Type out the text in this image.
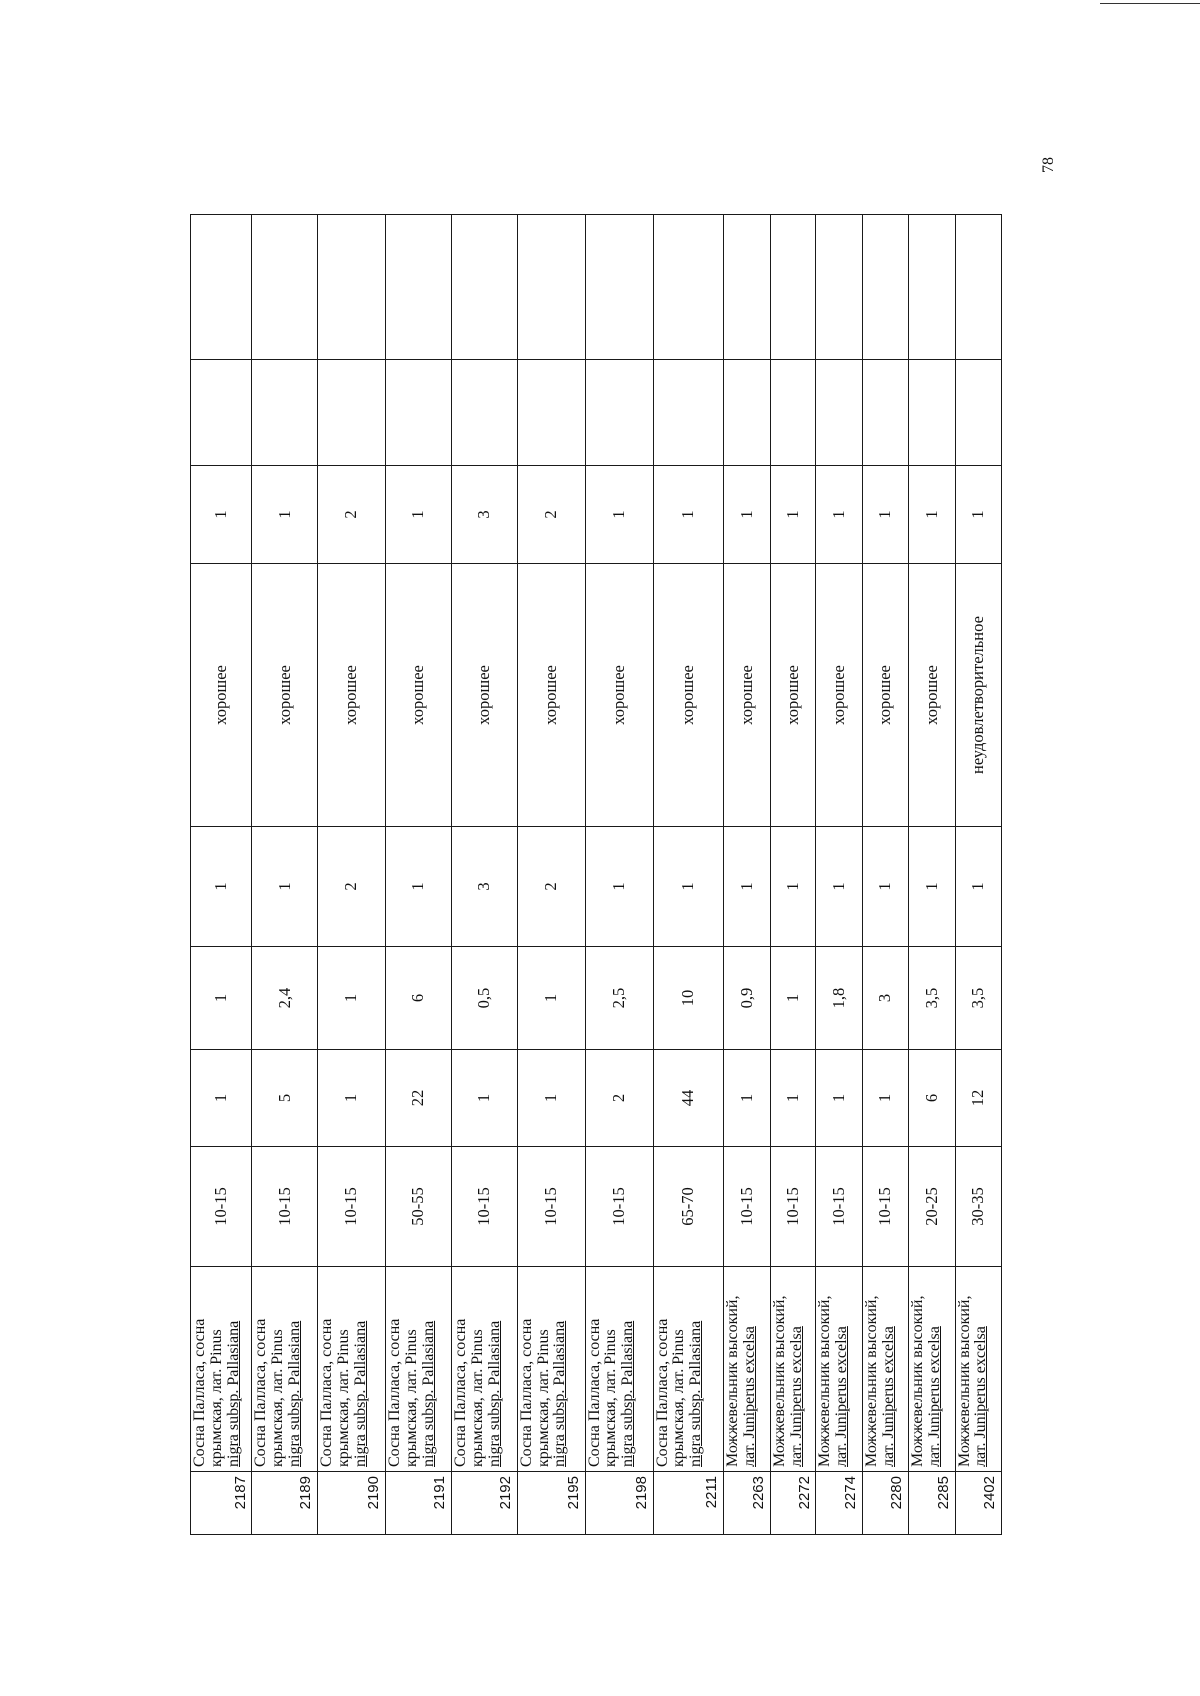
78
2187	Сосна Палласа, сосна крымская, лат. Pinus nigra subsp. Pallasiana	10-15	1	1	1	хорошее	1		
2189	Сосна Палласа, сосна крымская, лат. Pinus nigra subsp. Pallasiana	10-15	5	2,4	1	хорошее	1		
2190	Сосна Палласа, сосна крымская, лат. Pinus nigra subsp. Pallasiana	10-15	1	1	2	хорошее	2		
2191	Сосна Палласа, сосна крымская, лат. Pinus nigra subsp. Pallasiana	50-55	22	6	1	хорошее	1		
2192	Сосна Палласа, сосна крымская, лат. Pinus nigra subsp. Pallasiana	10-15	1	0,5	3	хорошее	3		
2195	Сосна Палласа, сосна крымская, лат. Pinus nigra subsp. Pallasiana	10-15	1	1	2	хорошее	2		
2198	Сосна Палласа, сосна крымская, лат. Pinus nigra subsp. Pallasiana	10-15	2	2,5	1	хорошее	1		
2211	Сосна Палласа, сосна крымская, лат. Pinus nigra subsp. Pallasiana	65-70	44	10	1	хорошее	1		
2263	Можжевельник высокий, лат. Juniperus excelsa	10-15	1	0,9	1	хорошее	1		
2272	Можжевельник высокий, лат. Juniperus excelsa	10-15	1	1	1	хорошее	1		
2274	Можжевельник высокий, лат. Juniperus excelsa	10-15	1	1,8	1	хорошее	1		
2280	Можжевельник высокий, лат. Juniperus excelsa	10-15	1	3	1	хорошее	1		
2285	Можжевельник высокий, лат. Juniperus excelsa	20-25	6	3,5	1	хорошее	1		
2402	Можжевельник высокий, лат. Juniperus excelsa	30-35	12	3,5	1	неудовлетворительное	1		
